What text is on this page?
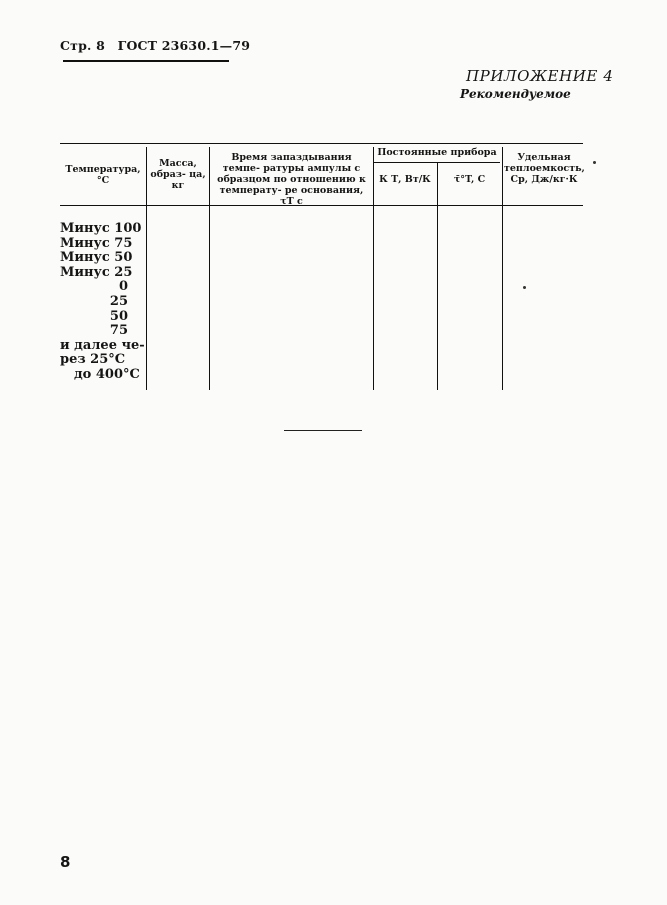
Стр. 8 ГОСТ 23630.1—79
ПРИЛОЖЕНИЕ 4
Рекомендуемое
Температура, °С
Масса, образ- ца, кг
Время запаздывания темпе- ратуры ампулы с образцом по отношению к температу- ре основания, τT с
Постоянные прибора
К Т, Вт/К	τ̄°T, С
Удельная теплоемкость, Cp, Дж/кг·К
Минус 100
Минус 75
Минус 50
Минус 25
0
25
50
75
и далее че-
рез 25°С
до 400°С
8
